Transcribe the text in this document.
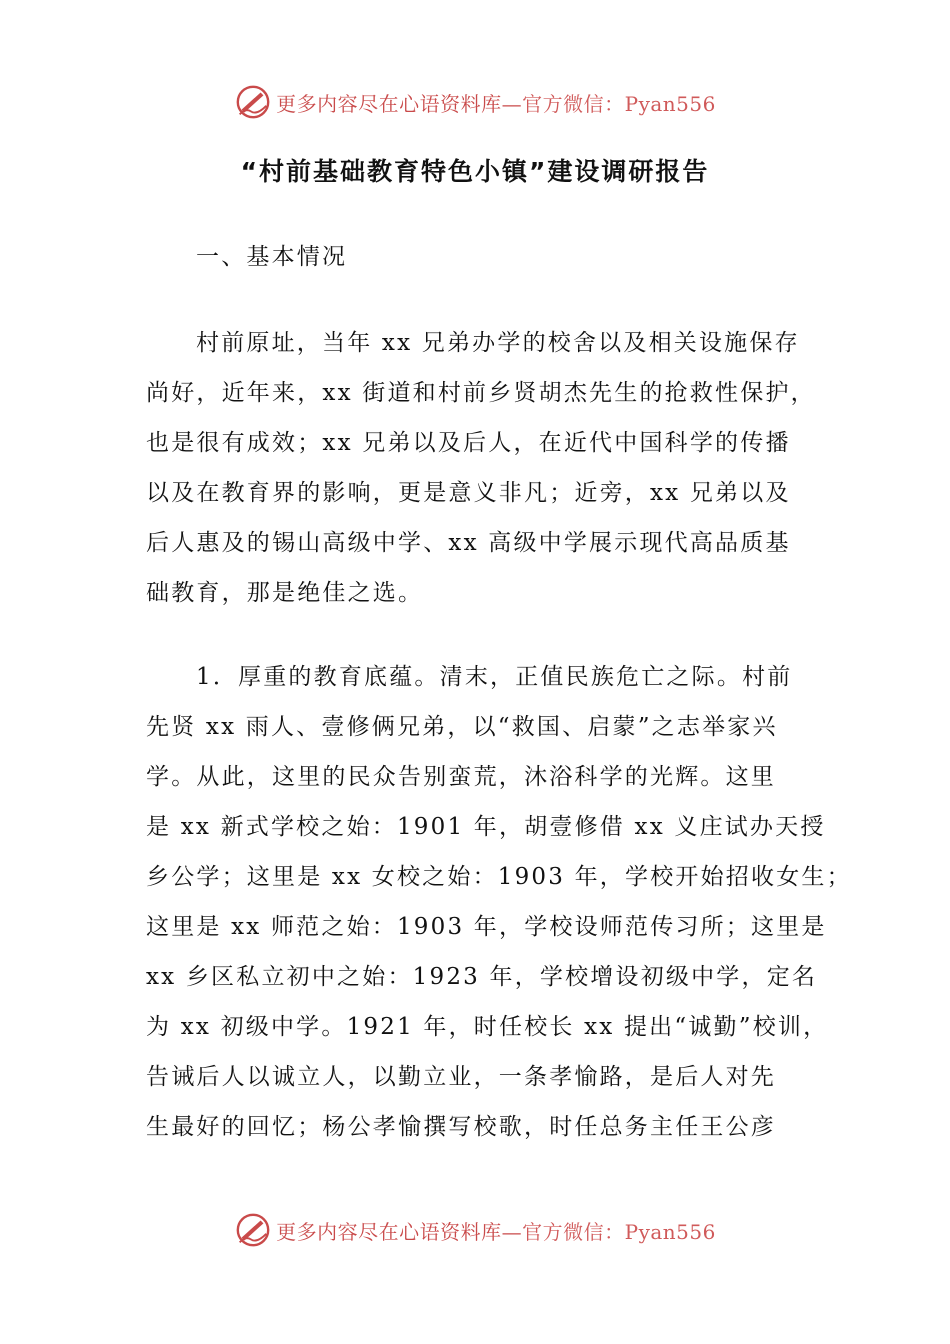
更多内容尽在心语资料库—官方微信：Pyan556
“村前基础教育特色小镇”建设调研报告
一、基本情况
村前原址，当年 xx 兄弟办学的校舍以及相关设施保存
尚好，近年来，xx 街道和村前乡贤胡杰先生的抢救性保护，
也是很有成效；xx 兄弟以及后人，在近代中国科学的传播
以及在教育界的影响，更是意义非凡；近旁，xx 兄弟以及
后人惠及的锡山高级中学、xx 高级中学展示现代高品质基
础教育，那是绝佳之选。
1．厚重的教育底蕴。清末，正值民族危亡之际。村前
先贤 xx 雨人、壹修俩兄弟，以“救国、启蒙”之志举家兴
学。从此，这里的民众告别蛮荒，沐浴科学的光辉。这里
是 xx 新式学校之始：1901 年，胡壹修借 xx 义庄试办天授
乡公学；这里是 xx 女校之始：1903 年，学校开始招收女生；
这里是 xx 师范之始：1903 年，学校设师范传习所；这里是
xx 乡区私立初中之始：1923 年，学校增设初级中学，定名
为 xx 初级中学。1921 年，时任校长 xx 提出“诚勤”校训，
告诫后人以诚立人，以勤立业，一条孝愉路，是后人对先
生最好的回忆；杨公孝愉撰写校歌，时任总务主任王公彦
更多内容尽在心语资料库—官方微信：Pyan556
